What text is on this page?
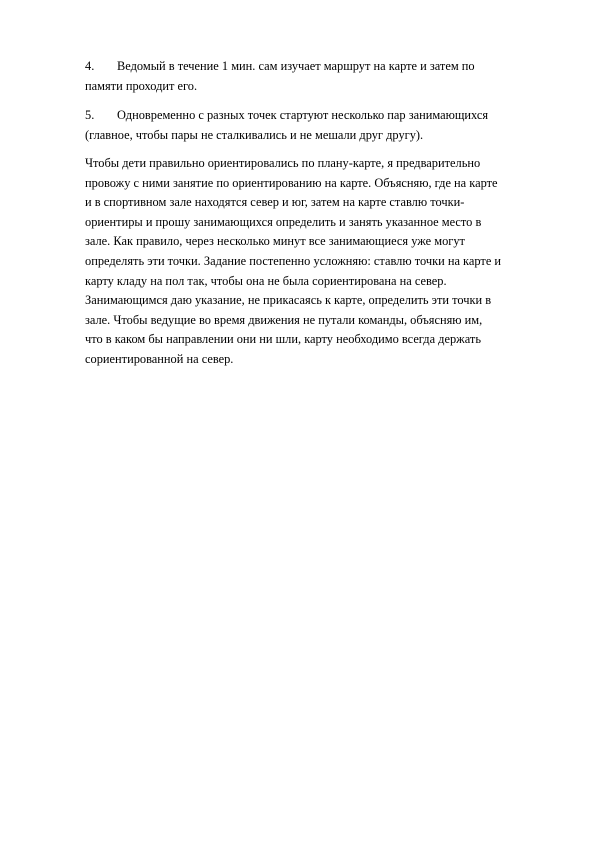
4. Ведомый в течение 1 мин. сам изучает маршрут на карте и затем по
памяти проходит его.
5. Одновременно с разных точек стартуют несколько пар занимающихся
(главное, чтобы пары не сталкивались и не мешали друг другу).
Чтобы дети правильно ориентировались по плану-карте, я предварительно
провожу с ними занятие по ориентированию на карте. Объясняю, где на карте
и в спортивном зале находятся север и юг, затем на карте ставлю точки-
ориентиры и прошу занимающихся определить и занять указанное место в
зале. Как правило, через несколько минут все занимающиеся уже могут
определять эти точки. Задание постепенно усложняю: ставлю точки на карте и
карту кладу на пол так, чтобы она не была сориентирована на север.
Занимающимся даю указание, не прикасаясь к карте, определить эти точки в
зале. Чтобы ведущие во время движения не путали команды, объясняю им,
что в каком бы направлении они ни шли, карту необходимо всегда держать
сориентированной на север.
